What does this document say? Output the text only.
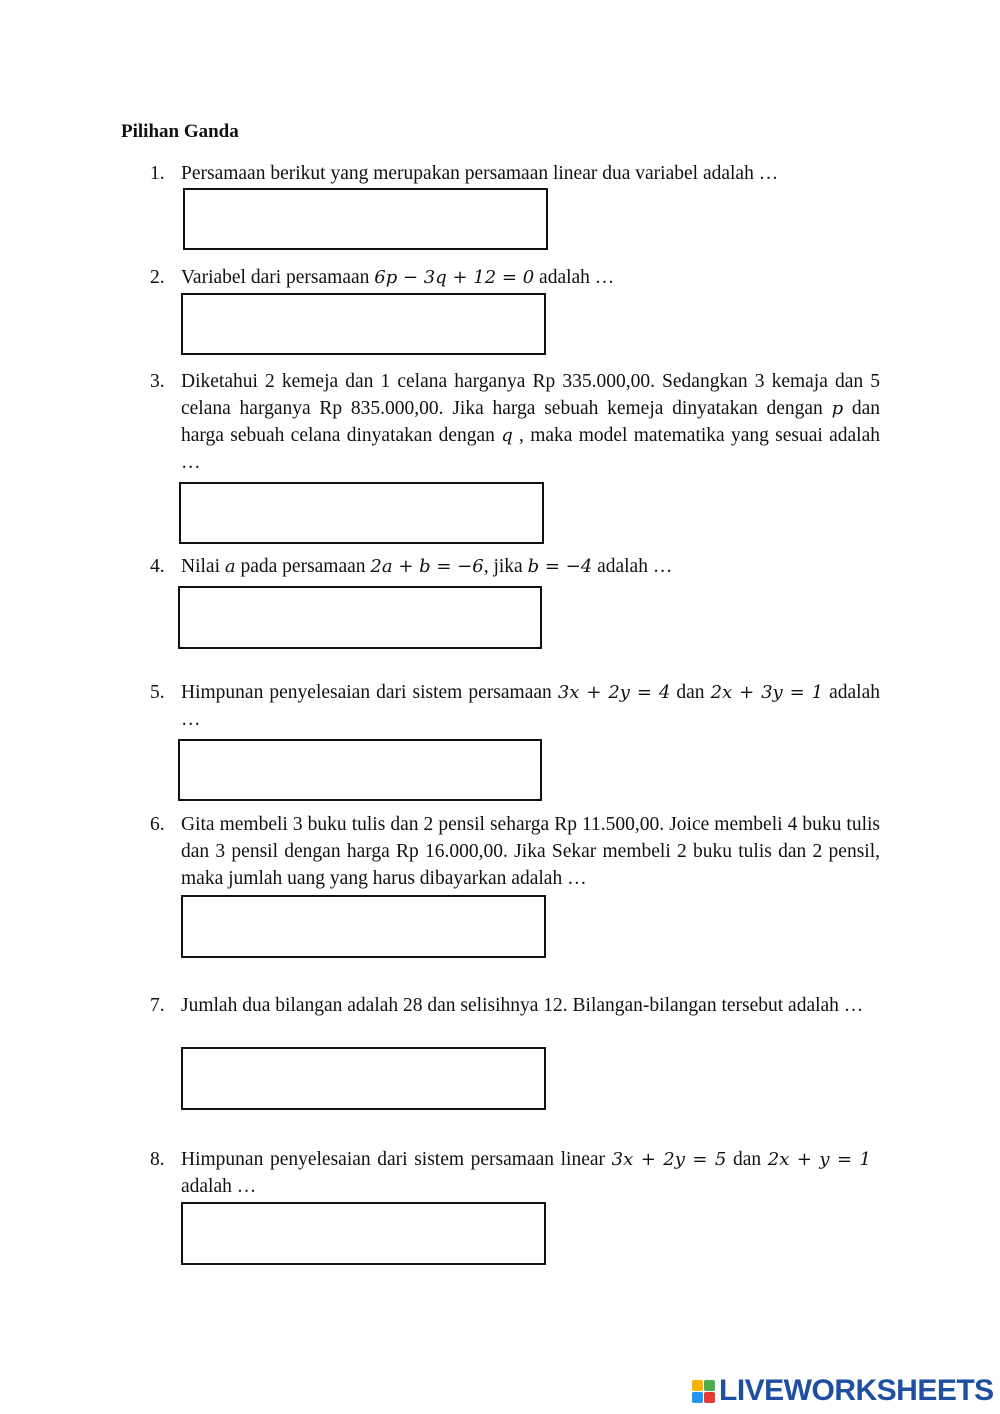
Pilihan Ganda
1. Persamaan berikut yang merupakan persamaan linear dua variabel adalah …
2. Variabel dari persamaan 6p − 3q + 12 = 0 adalah …
3. Diketahui 2 kemeja dan 1 celana harganya Rp 335.000,00. Sedangkan 3 kemaja dan 5 celana harganya Rp 835.000,00. Jika harga sebuah kemeja dinyatakan dengan p dan harga sebuah celana dinyatakan dengan q , maka model matematika yang sesuai adalah …
4. Nilai a pada persamaan 2a + b = −6, jika b = −4 adalah …
5. Himpunan penyelesaian dari sistem persamaan 3x + 2y = 4 dan 2x + 3y = 1 adalah …
6. Gita membeli 3 buku tulis dan 2 pensil seharga Rp 11.500,00. Joice membeli 4 buku tulis dan 3 pensil dengan harga Rp 16.000,00. Jika Sekar membeli 2 buku tulis dan 2 pensil, maka jumlah uang yang harus dibayarkan adalah …
7. Jumlah dua bilangan adalah 28 dan selisihnya 12. Bilangan-bilangan tersebut adalah …
8. Himpunan penyelesaian dari sistem persamaan linear 3x + 2y = 5 dan 2x + y = 1 adalah …
LIVEWORKSHEETS
